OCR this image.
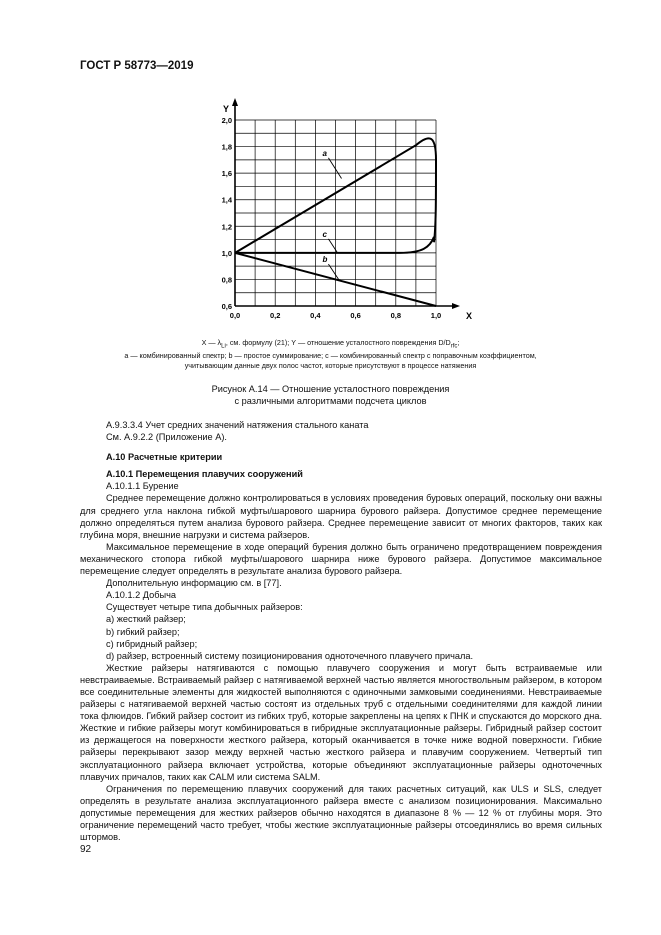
ГОСТ Р 58773—2019
0,0	0,2	0,4	0,6	0,8	1,0
0,6
0,8
1,0
1,2
1,4
1,6
1,8
2,0
X
Y
a
c
b
X — $\lambda_{Li}$, см. формулу (21); Y — отношение усталостного повреждения $D/D_{rfc}$;
a — комбинированный спектр; b — простое суммирование; c — комбинированный спектр с поправочным коэффициентом,
учитывающим данные двух полос частот, которые присутствуют в процессе натяжения
Рисунок А.14 — Отношение усталостного повреждения
с различными алгоритмами подсчета циклов

А.9.3.3.4 Учет средних значений натяжения стального каната

См. А.9.2.2 (Приложение А).

А.10 Расчетные критерии

А.10.1 Перемещения плавучих сооружений

А.10.1.1 Бурение

Среднее перемещение должно контролироваться в условиях проведения буровых операций, поскольку они важны для среднего угла наклона гибкой муфты/шарового шарнира бурового райзера. Допустимое среднее перемещение должно определяться путем анализа бурового райзера. Среднее перемещение зависит от многих факторов, таких как глубина моря, внешние нагрузки и система райзеров.

Максимальное перемещение в ходе операций бурения должно быть ограничено предотвращением повреждения механического стопора гибкой муфты/шарового шарнира ниже бурового райзера. Допустимое максимальное перемещение следует определять в результате анализа бурового райзера.

Дополнительную информацию см. в [77].

А.10.1.2 Добыча

Существует четыре типа добычных райзеров:

a) жесткий райзер;

b) гибкий райзер;

c) гибридный райзер;

d) райзер, встроенный систему позиционирования одноточечного плавучего причала.

Жесткие райзеры натягиваются с помощью плавучего сооружения и могут быть встраиваемые или невстраиваемые. Встраиваемый райзер с натягиваемой верхней частью является многоствольным райзером, в котором все соединительные элементы для жидкостей выполняются с одиночными замковыми соединениями. Невстраиваемые райзеры с натягиваемой верхней частью состоят из отдельных труб с отдельными соединителями для каждой линии тока флюидов. Гибкий райзер состоит из гибких труб, которые закреплены на цепях к ПНК и спускаются до морского дна. Жесткие и гибкие райзеры могут комбинироваться в гибридные эксплуатационные райзеры. Гибридный райзер состоит из держащегося на поверхности жесткого райзера, который оканчивается в точке ниже водной поверхности. Гибкие райзеры перекрывают зазор между верхней частью жесткого райзера и плавучим сооружением. Четвертый тип эксплуатационного райзера включает устройства, которые объединяют эксплуатационные райзеры одноточечных плавучих причалов, таких как CALM или система SALM.

Ограничения по перемещению плавучих сооружений для таких расчетных ситуаций, как ULS и SLS, следует определять в результате анализа эксплуатационного райзера вместе с анализом позиционирования. Максимально допустимые перемещения для жестких райзеров обычно находятся в диапазоне 8 % — 12 % от глубины моря. Это ограничение перемещений часто требует, чтобы жесткие эксплуатационные райзеры отсоединялись во время сильных штормов.

92
